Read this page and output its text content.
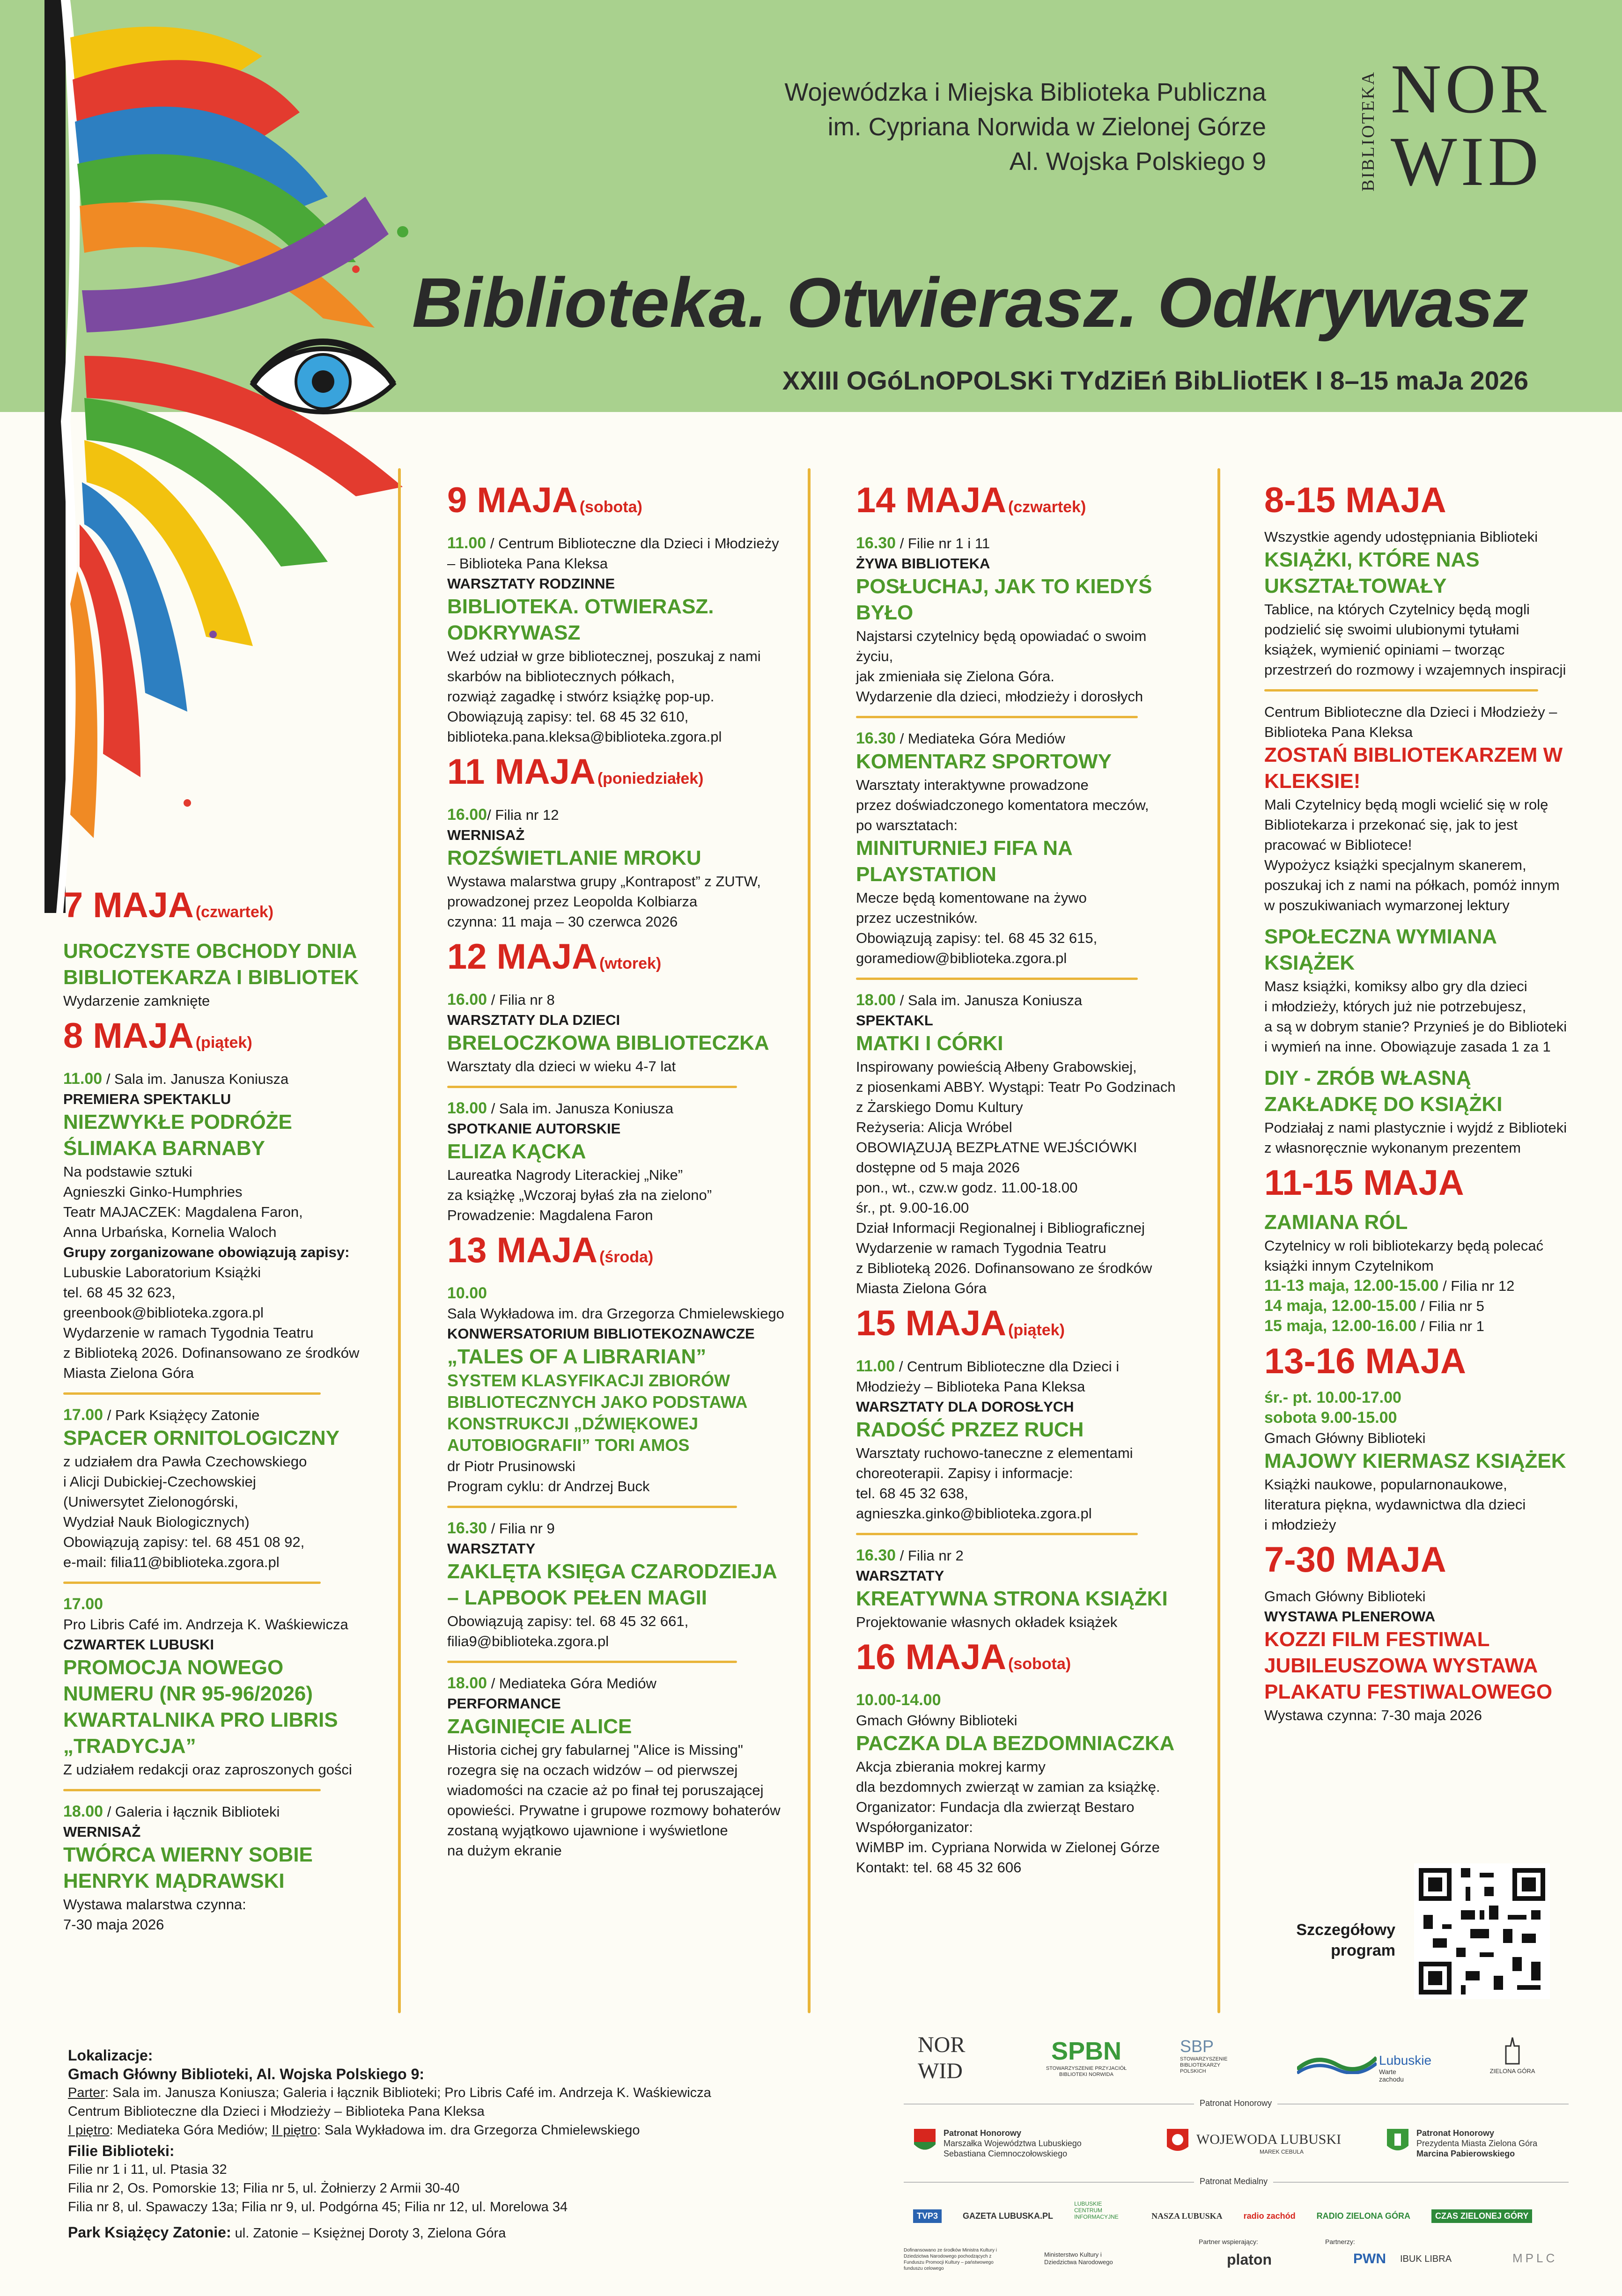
Wojewódzka i Miejska Biblioteka Publiczna
im. Cypriana Norwida w Zielonej Górze
Al. Wojska Polskiego 9	BIBLIOTEKA NOR
WID
Biblioteka. Otwierasz. Odkrywasz
XXIII OGóLnOPOLSKi TYdZiEń BibLliotEK I 8–15 maJa 2026
7 MAJA (czwartek)
UROCZYSTE OBCHODY DNIA BIBLIOTEKARZA I BIBLIOTEK
Wydarzenie zamknięte
8 MAJA (piątek)
11.00 / Sala im. Janusza Koniusza
PREMIERA SPEKTAKLU
NIEZWYKŁE PODRÓŻE ŚLIMAKA BARNABY
Na podstawie sztuki
Agnieszki Ginko-Humphries
Teatr MAJACZEK: Magdalena Faron,
Anna Urbańska, Kornelia Waloch
Grupy zorganizowane obowiązują zapisy: Lubuskie Laboratorium Książki
tel. 68 45 32 623,
greenbook@biblioteka.zgora.pl
Wydarzenie w ramach Tygodnia Teatru
z Biblioteką 2026. Dofinansowano ze środków
Miasta Zielona Góra
17.00 / Park Książęcy Zatonie
SPACER ORNITOLOGICZNY
z udziałem dra Pawła Czechowskiego
i Alicji Dubickiej-Czechowskiej
(Uniwersytet Zielonogórski,
Wydział Nauk Biologicznych)
Obowiązują zapisy: tel. 68 451 08 92,
e-mail: filia11@biblioteka.zgora.pl
17.00
Pro Libris Café im. Andrzeja K. Waśkiewicza
CZWARTEK LUBUSKI
PROMOCJA NOWEGO NUMERU (NR 95-96/2026) KWARTALNIKA PRO LIBRIS „TRADYCJA”
Z udziałem redakcji oraz zaproszonych gości
18.00 / Galeria i łącznik Biblioteki
WERNISAŻ
TWÓRCA WIERNY SOBIE HENRYK MĄDRAWSKI
Wystawa malarstwa czynna:
7-30 maja 2026
9 MAJA (sobota)
11.00 / Centrum Biblioteczne dla Dzieci i Młodzieży – Biblioteka Pana Kleksa
WARSZTATY RODZINNE
BIBLIOTEKA. OTWIERASZ. ODKRYWASZ
Weź udział w grze bibliotecznej, poszukaj z nami
skarbów na bibliotecznych półkach,
rozwiąż zagadkę i stwórz książkę pop-up.
Obowiązują zapisy: tel. 68 45 32 610,
biblioteka.pana.kleksa@biblioteka.zgora.pl
11 MAJA (poniedziałek)
16.00/ Filia nr 12
WERNISAŻ
ROZŚWIETLANIE MROKU
Wystawa malarstwa grupy „Kontrapost” z ZUTW,
prowadzonej przez Leopolda Kolbiarza
czynna: 11 maja – 30 czerwca 2026
12 MAJA (wtorek)
16.00 / Filia nr 8
WARSZTATY DLA DZIECI
BRELOCZKOWA BIBLIOTECZKA
Warsztaty dla dzieci w wieku 4-7 lat
18.00 / Sala im. Janusza Koniusza
SPOTKANIE AUTORSKIE
ELIZA KĄCKA
Laureatka Nagrody Literackiej „Nike”
za książkę „Wczoraj byłaś zła na zielono”
Prowadzenie: Magdalena Faron
13 MAJA (środa)
10.00
Sala Wykładowa im. dra Grzegorza Chmielewskiego
KONWERSATORIUM BIBLIOTEKOZNAWCZE
„TALES OF A LIBRARIAN”
SYSTEM KLASYFIKACJI ZBIORÓW BIBLIOTECZNYCH JAKO PODSTAWA KONSTRUKCJI „DŹWIĘKOWEJ AUTOBIOGRAFII” TORI AMOS
dr Piotr Prusinowski
Program cyklu: dr Andrzej Buck
16.30 / Filia nr 9
WARSZTATY
ZAKLĘTA KSIĘGA CZARODZIEJA – LAPBOOK PEŁEN MAGII
Obowiązują zapisy: tel. 68 45 32 661,
filia9@biblioteka.zgora.pl
18.00 / Mediateka Góra Mediów
PERFORMANCE
ZAGINIĘCIE ALICE
Historia cichej gry fabularnej "Alice is Missing"
rozegra się na oczach widzów – od pierwszej
wiadomości na czacie aż po finał tej poruszającej
opowieści. Prywatne i grupowe rozmowy bohaterów
zostaną wyjątkowo ujawnione i wyświetlone
na dużym ekranie
14 MAJA (czwartek)
16.30 / Filie nr 1 i 11
ŻYWA BIBLIOTEKA
POSŁUCHAJ, JAK TO KIEDYŚ BYŁO
Najstarsi czytelnicy będą opowiadać o swoim życiu,
jak zmieniała się Zielona Góra.
Wydarzenie dla dzieci, młodzieży i dorosłych
16.30 / Mediateka Góra Mediów
KOMENTARZ SPORTOWY
Warsztaty interaktywne prowadzone
przez doświadczonego komentatora meczów,
po warsztatach:
MINITURNIEJ FIFA NA PLAYSTATION
Mecze będą komentowane na żywo
przez uczestników.
Obowiązują zapisy: tel. 68 45 32 615,
goramediow@biblioteka.zgora.pl
18.00 / Sala im. Janusza Koniusza
SPEKTAKL
MATKI I CÓRKI
Inspirowany powieścią Ałbeny Grabowskiej,
z piosenkami ABBY. Wystąpi: Teatr Po Godzinach
z Żarskiego Domu Kultury
Reżyseria: Alicja Wróbel
OBOWIĄZUJĄ BEZPŁATNE WEJŚCIÓWKI
dostępne od 5 maja 2026
pon., wt., czw.w godz. 11.00-18.00
śr., pt. 9.00-16.00
Dział Informacji Regionalnej i Bibliograficznej
Wydarzenie w ramach Tygodnia Teatru
z Biblioteką 2026. Dofinansowano ze środków
Miasta Zielona Góra
15 MAJA (piątek)
11.00 / Centrum Biblioteczne dla Dzieci i Młodzieży – Biblioteka Pana Kleksa
WARSZTATY DLA DOROSŁYCH
RADOŚĆ PRZEZ RUCH
Warsztaty ruchowo-taneczne z elementami
choreoterapii. Zapisy i informacje:
tel. 68 45 32 638,
agnieszka.ginko@biblioteka.zgora.pl
16.30 / Filia nr 2
WARSZTATY
KREATYWNA STRONA KSIĄŻKI
Projektowanie własnych okładek książek
16 MAJA (sobota)
10.00-14.00
Gmach Główny Biblioteki
PACZKA DLA BEZDOMNIACZKA
Akcja zbierania mokrej karmy
dla bezdomnych zwierząt w zamian za książkę.
Organizator: Fundacja dla zwierząt Bestaro
Współorganizator:
WiMBP im. Cypriana Norwida w Zielonej Górze
Kontakt: tel. 68 45 32 606
8-15 MAJA
Wszystkie agendy udostępniania Biblioteki
KSIĄŻKI, KTÓRE NAS UKSZTAŁTOWAŁY
Tablice, na których Czytelnicy będą mogli
podzielić się swoimi ulubionymi tytułami
książek, wymienić opiniami – tworząc
przestrzeń do rozmowy i wzajemnych inspiracji
Centrum Biblioteczne dla Dzieci i Młodzieży – Biblioteka Pana Kleksa
ZOSTAŃ BIBLIOTEKARZEM W KLEKSIE!
Mali Czytelnicy będą mogli wcielić się w rolę
Bibliotekarza i przekonać się, jak to jest
pracować w Bibliotece!
Wypożycz książki specjalnym skanerem,
poszukaj ich z nami na półkach, pomóż innym
w poszukiwaniach wymarzonej lektury
SPOŁECZNA WYMIANA KSIĄŻEK
Masz książki, komiksy albo gry dla dzieci
i młodzieży, których już nie potrzebujesz,
a są w dobrym stanie? Przynieś je do Biblioteki
i wymień na inne. Obowiązuje zasada 1 za 1
DIY - ZRÓB WŁASNĄ ZAKŁADKĘ DO KSIĄŻKI
Podziałaj z nami plastycznie i wyjdź z Biblioteki
z własnoręcznie wykonanym prezentem
11-15 MAJA
ZAMIANA RÓL
Czytelnicy w roli bibliotekarzy będą polecać
książki innym Czytelnikom
11-13 maja, 12.00-15.00 / Filia nr 12
14 maja, 12.00-15.00 / Filia nr 5
15 maja, 12.00-16.00 / Filia nr 1
13-16 MAJA
śr.- pt. 10.00-17.00
sobota 9.00-15.00
Gmach Główny Biblioteki
MAJOWY KIERMASZ KSIĄŻEK
Książki naukowe, popularnonaukowe,
literatura piękna, wydawnictwa dla dzieci
i młodzieży
7-30 MAJA
Gmach Główny Biblioteki
WYSTAWA PLENEROWA
KOZZI FILM FESTIWAL JUBILEUSZOWA WYSTAWA PLAKATU FESTIWALOWEGO
Wystawa czynna: 7-30 maja 2026
Szczegółowy program
Lokalizacje:
Gmach Główny Biblioteki, Al. Wojska Polskiego 9:
Parter: Sala im. Janusza Koniusza; Galeria i łącznik Biblioteki; Pro Libris Café im. Andrzeja K. Waśkiewicza
Centrum Biblioteczne dla Dzieci i Młodzieży – Biblioteka Pana Kleksa
I piętro: Mediateka Góra Mediów; II piętro: Sala Wykładowa im. dra Grzegorza Chmielewskiego
Filie Biblioteki:
Filie nr 1 i 11, ul. Ptasia 32
Filia nr 2, Os. Pomorskie 13; Filia nr 5, ul. Żołnierzy 2 Armii 30-40
Filia nr 8, ul. Spawaczy 13a; Filia nr 9, ul. Podgórna 45; Filia nr 12, ul. Morelowa 34
Park Książęcy Zatonie: ul. Zatonie – Księżnej Doroty 3, Zielona Góra
NOR
WID
SPBN
STOWARZYSZENIE PRZYJACIÓŁ BIBLIOTEKI NORWIDA
SBP
STOWARZYSZENIE BIBLIOTEKARZY POLSKICH
Lubuskie
Warte zachodu
ZIELONA GÓRA
Patronat Honorowy
Patronat Honorowy
Marszałka Województwa Lubuskiego
Sebastiana Ciemnoczołowskiego
WOJEWODA LUBUSKI
MAREK CEBULA
Patronat Honorowy
Prezydenta Miasta Zielona Góra
Marcina Pabierowskiego
Patronat Medialny
TVP3	GAZETA LUBUSKA.PL LUBUSKIE CENTRUM INFORMACYJNE	NASZA LUBUSKA	radio zachód	RADIO ZIELONA GÓRA	CZAS ZIELONEJ GÓRY
Dofinansowano ze środków Ministra Kultury i Dziedzictwa Narodowego pochodzących z Funduszu Promocji Kultury – państwowego funduszu celowego
Ministerstwo Kultury i Dziedzictwa Narodowego
Partner wspierający:
platon
Partnerzy:
PWN IBUK LIBRA	MPLC
